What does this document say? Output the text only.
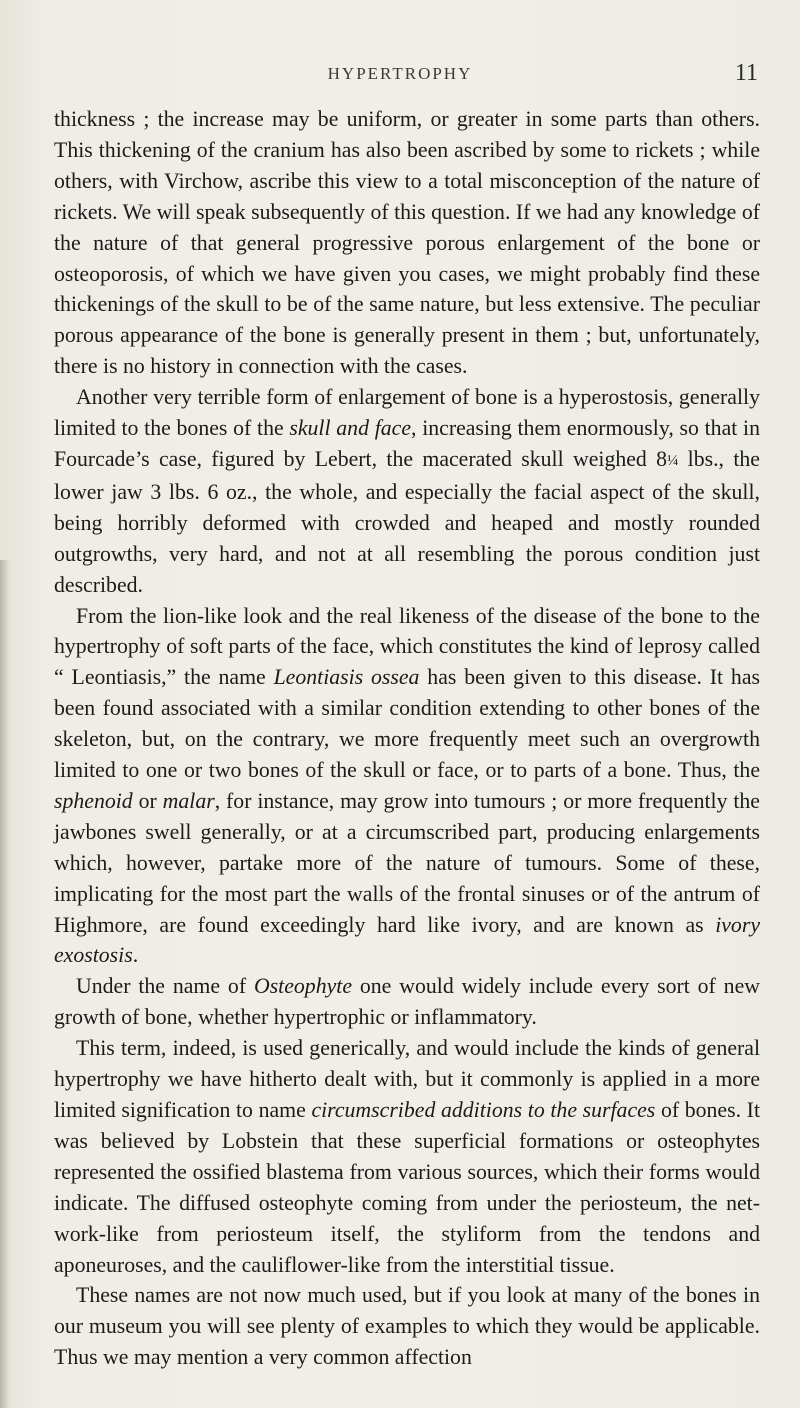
HYPERTROPHY	11

thickness ; the increase may be uniform, or greater in some parts than others. This thickening of the cranium has also been ascribed by some to rickets ; while others, with Virchow, ascribe this view to a total misconception of the nature of rickets. We will speak subsequently of this question. If we had any knowledge of the nature of that general progressive porous enlargement of the bone or osteoporosis, of which we have given you cases, we might probably find these thickenings of the skull to be of the same nature, but less extensive. The peculiar porous appearance of the bone is generally present in them ; but, unfortunately, there is no history in connection with the cases.

Another very terrible form of enlargement of bone is a hyperostosis, generally limited to the bones of the skull and face, increasing them enormously, so that in Fourcade’s case, figured by Lebert, the macerated skull weighed 8¼ lbs., the lower jaw 3 lbs. 6 oz., the whole, and especially the facial aspect of the skull, being horribly deformed with crowded and heaped and mostly rounded outgrowths, very hard, and not at all resembling the porous condition just described.

From the lion-like look and the real likeness of the disease of the bone to the hypertrophy of soft parts of the face, which constitutes the kind of leprosy called “ Leontiasis,” the name Leontiasis ossea has been given to this disease. It has been found associated with a similar condition extending to other bones of the skeleton, but, on the contrary, we more frequently meet such an overgrowth limited to one or two bones of the skull or face, or to parts of a bone. Thus, the sphenoid or malar, for instance, may grow into tumours ; or more frequently the jawbones swell generally, or at a circumscribed part, producing enlargements which, however, partake more of the nature of tumours. Some of these, implicating for the most part the walls of the frontal sinuses or of the antrum of Highmore, are found exceedingly hard like ivory, and are known as ivory exostosis.

Under the name of Osteophyte one would widely include every sort of new growth of bone, whether hypertrophic or inflammatory.

This term, indeed, is used generically, and would include the kinds of general hypertrophy we have hitherto dealt with, but it commonly is applied in a more limited signification to name circumscribed additions to the surfaces of bones. It was believed by Lobstein that these superficial formations or osteophytes represented the ossified blastema from various sources, which their forms would indicate. The diffused osteophyte coming from under the periosteum, the net-work-like from periosteum itself, the styliform from the tendons and aponeuroses, and the cauliflower-like from the interstitial tissue.

These names are not now much used, but if you look at many of the bones in our museum you will see plenty of examples to which they would be applicable. Thus we may mention a very common affection
